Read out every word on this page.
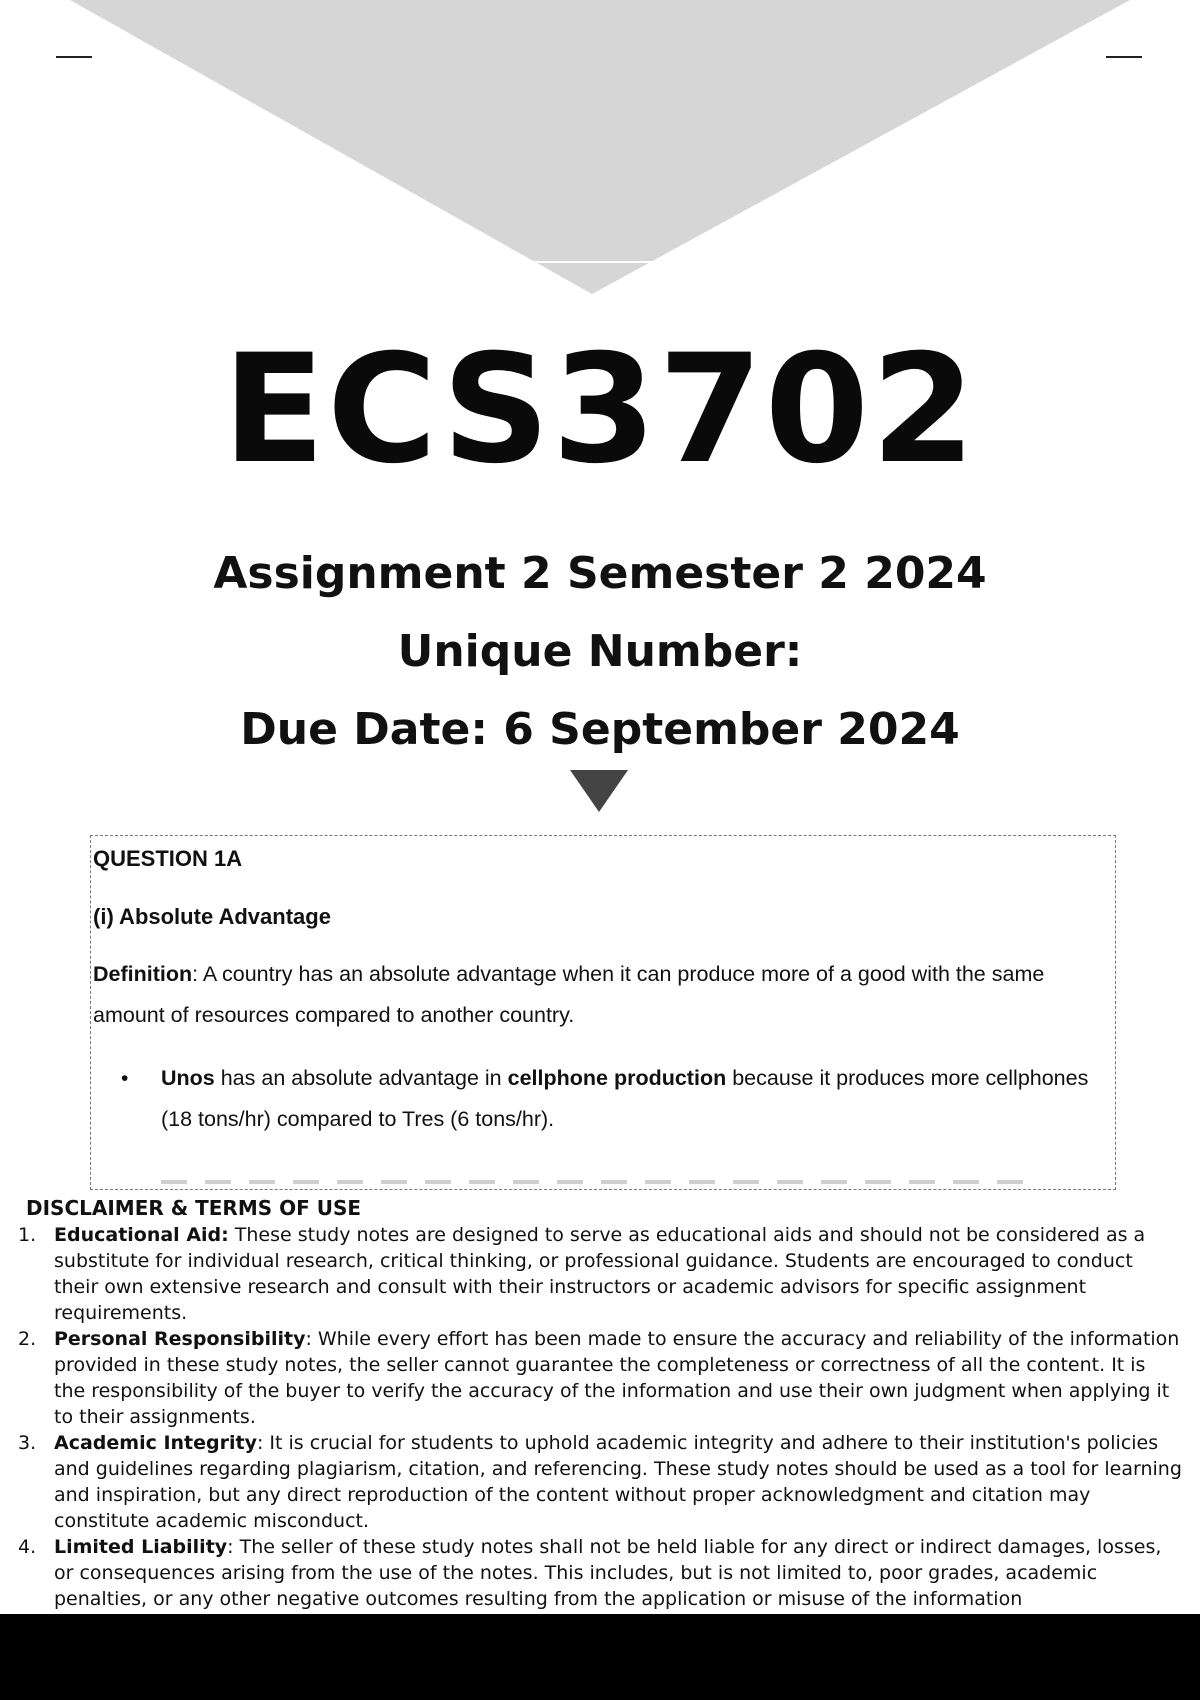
ECS3702
Assignment 2 Semester 2 2024
Unique Number:
Due Date: 6 September 2024
QUESTION 1A
(i) Absolute Advantage
Definition: A country has an absolute advantage when it can produce more of a good with the same amount of resources compared to another country.
• Unos has an absolute advantage in cellphone production because it produces more cellphones (18 tons/hr) compared to Tres (6 tons/hr).
DISCLAIMER & TERMS OF USE
1. Educational Aid: These study notes are designed to serve as educational aids and should not be considered as a substitute for individual research, critical thinking, or professional guidance. Students are encouraged to conduct their own extensive research and consult with their instructors or academic advisors for specific assignment requirements.
2. Personal Responsibility: While every effort has been made to ensure the accuracy and reliability of the information provided in these study notes, the seller cannot guarantee the completeness or correctness of all the content. It is the responsibility of the buyer to verify the accuracy of the information and use their own judgment when applying it to their assignments.
3. Academic Integrity: It is crucial for students to uphold academic integrity and adhere to their institution's policies and guidelines regarding plagiarism, citation, and referencing. These study notes should be used as a tool for learning and inspiration, but any direct reproduction of the content without proper acknowledgment and citation may constitute academic misconduct.
4. Limited Liability: The seller of these study notes shall not be held liable for any direct or indirect damages, losses, or consequences arising from the use of the notes. This includes, but is not limited to, poor grades, academic penalties, or any other negative outcomes resulting from the application or misuse of the information
